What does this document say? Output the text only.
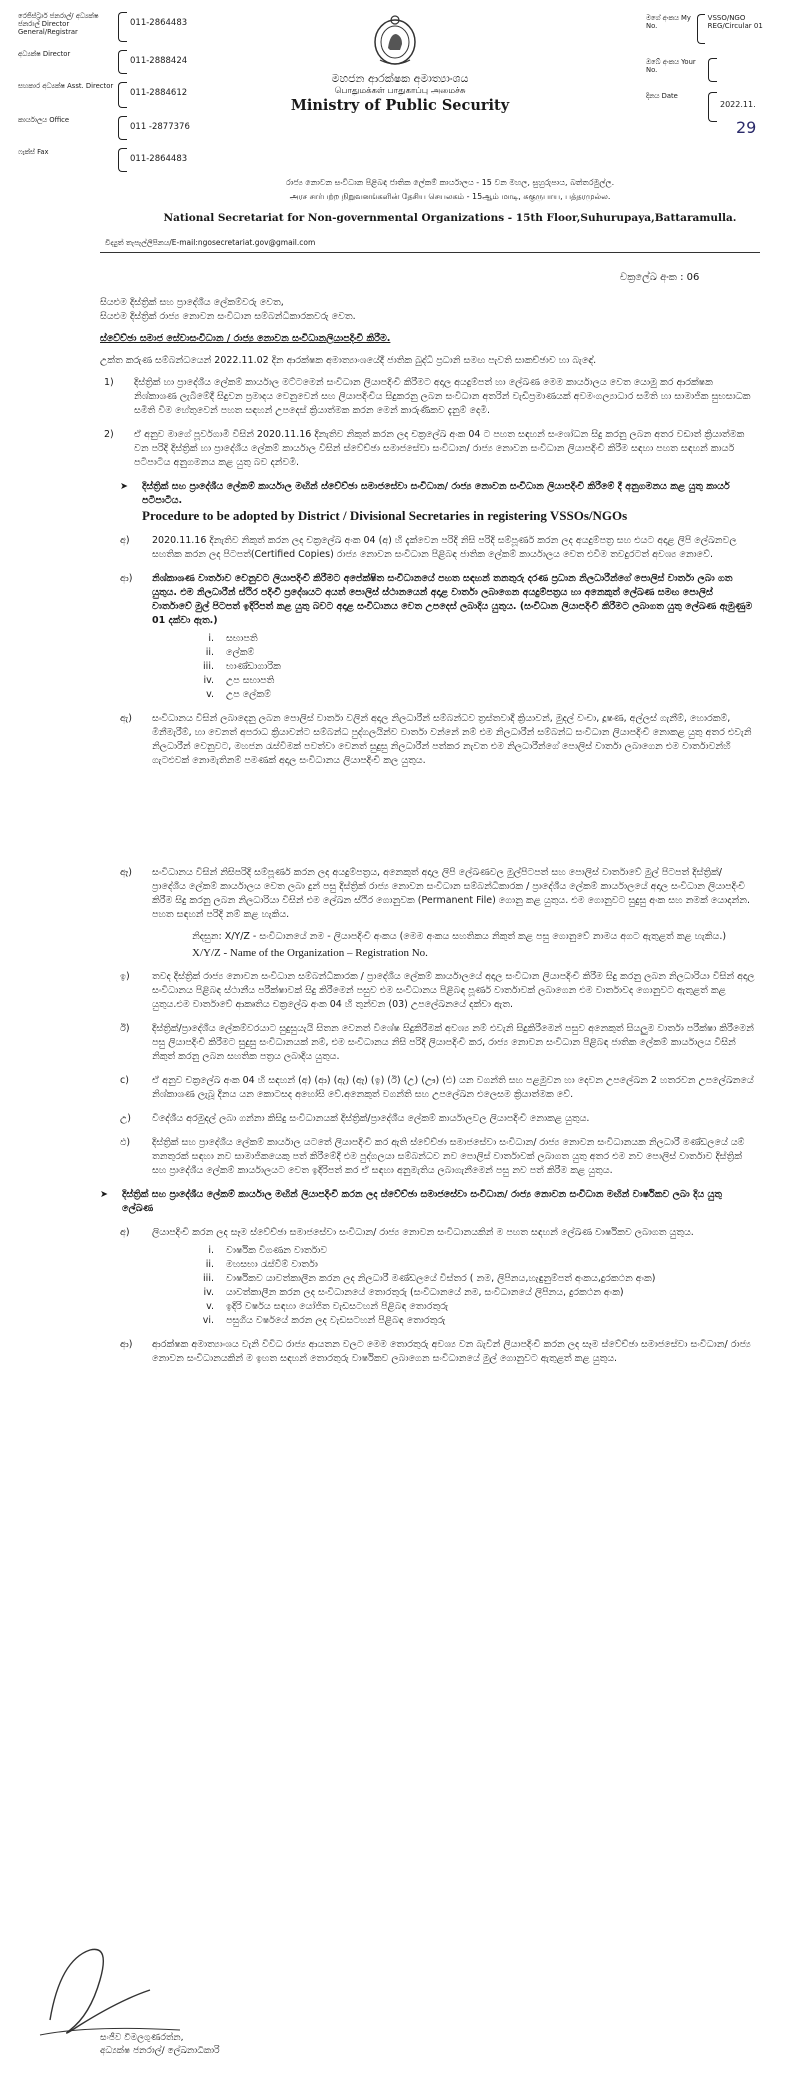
රෙජිස්ට්‍රාර් ජනරාල්/ අධ්‍යක්ෂ ජනරාල් Director General/Registrar
011-2864483
අධ්‍යක්ෂ Director
011-2888424
සහකාර අධ්‍යක්ෂ Asst. Director
011-2884612
කාර්යාලය Office
011 -2877376
ෆැක්ස් Fax
011-2864483
මහජන ආරක්ෂක අමාත්‍යාංශය
பொதுமக்கள் பாதுகாப்பு அமைச்சு
Ministry of Public Security
මගේ අංකය My No.
VSSO/NGO REG/Circular 01
ඔබේ අංකය Your No.
දිනය Date
2022.11.
29
රාජ්‍ය නොවන සංවිධාන පිළිබඳ ජාතික ලේකම් කාර්යාලය - 15 වන මහල, සුහුරුපාය, බත්තරමුල්ල.
அரச சார்பற்ற நிறுவனங்களின் தேசிய செயலகம் - 15ஆம் மாடி, சுகுருபாய, பத்தரமுல்ல.
National Secretariat for Non-governmental Organizations - 15th Floor,Suhurupaya,Battaramulla.
විද්‍යුත් තැපැල්ලිපිනය/E-mail:ngosecretariat.gov@gmail.com
චක්‍රලේඛ අංක : 06
සියළුම දිස්ත්‍රික් සහ ප්‍රාදේශීය ලේකම්වරු වෙත,
සියළුම දිස්ත්‍රික් රාජ්‍ය නොවන සංවිධාන සම්බන්ධීකාරකවරු වෙත.
ස්වේච්ඡා සමාජ සේවාසංවිධාන / රාජ්‍ය නොවන සංවිධානලියාපදිංචි කිරීම.
උක්ත කරුණ සම්බන්ධයෙන් 2022.11.02 දින ආරක්ෂක අමාත්‍යාංශයේදී ජාතික බුද්ධි ප්‍රධානි සමඟ පැවති සාකච්ඡාව හා බැඳේ.
1)	දිස්ත්‍රික් හා ප්‍රාදේශීය ලේකම් කාර්යාල මට්ටමෙන් සංවිධාන ලියාපදිංචි කිරීමට අදාල අයදුම්පත් හා ලේඛණ මෙම කාර්යාලය වෙත යොමු කර ආරක්ෂක නිශ්කාශණ ලැබීමේදී සිදුවන ප්‍රමාදය වෙනුවෙන් සහ ලියාපදිංචිය සිදුකරනු ලබන සංවිධාන අතරින් වැඩිප්‍රමාණයක් අවමංගල්‍යාධාර සමිති හා සාමාජික සුභසාධක සමිති වීම හේතුවෙන් පහත සඳහන් උපදෙස් ක්‍රියාත්මක කරන මෙන් කාරුණිකව දැනුම් දෙමි.
2)	ඒ අනුව මාගේ පූර්වගාමී විසින් 2020.11.16 දිනැතිව නිකුත් කරන ලද චක්‍රලේඛ අංක 04 ට පහත සඳහන් සංශෝධන සිදු කරනු ලබන අතර වඩාත් ක්‍රියාත්මක වන පරිදි දිස්ත්‍රික් හා ප්‍රාදේශීය ලේකම් කාර්යාල විසින් ස්වේච්ඡා සමාජසේවා සංවිධාන/ රාජ්‍ය නොවන සංවිධාන ලියාපදිංචි කිරීම සඳහා පහත සඳහන් කාර්ය පටිපාටිය අනුගමනය කළ යුතු බව දන්වමි.
➤	දිස්ත්‍රික් සහ ප්‍රාදේශීය ලේකම් කාර්යාල මඟින් ස්වේච්ඡා සමාජසේවා සංවිධාන/ රාජ්‍ය නොවන සංවිධාන ලියාපදිංචි කිරීමේ දී අනුගමනය කළ යුතු කාර්ය පටිපාටිය.
Procedure to be adopted by District / Divisional Secretaries in registering VSSOs/NGOs
අ)	2020.11.16 දිනැතිව නිකුත් කරන ලද චක්‍රලේඛ අංක 04 (අ) හි දැක්වෙන පරිදි නිසි පරිදි සම්පූර්ණ කරන ලද අයදුම්පත්‍ර සහ එයට අදාළ ලිපි ලේඛනවල සහතික කරන ලද පිටපත්(Certified Copies) රාජ්‍ය නොවන සංවිධාන පිළිබඳ ජාතික ලේකම් කාර්යාලය වෙත එවීම තවදුරටත් අවශ්‍ය නොවේ.
ආ)	නිශ්කාශණ වාර්තාව වෙනුවට ලියාපදිංචි කිරීමට අපේක්ෂිත සංවිධානයේ පහත සඳහන් තනතුරු දරණ ප්‍රධාන නිලධාරීන්ගේ පොලිස් වාර්තා ලබා ගත යුතුය. එම නිලධාරීන් ස්ථිර පදිංචි ප්‍රදේශයට අයත් පොලිස් ස්ථානයෙන් අදාළ වාර්තා ලබාගෙන අයදුම්පත්‍රය හා අනෙකුත් ලේඛණ සමඟ පොලිස් වාර්තාවේ මුල් පිටපත් ඉදිරිපත් කළ යුතු බවට අදාළ සංවිධානය වෙත උපදෙස් ලබාදිය යුතුය. (සංවිධාන ලියාපදිංචි කිරීමට ලබාගත යුතු ලේඛණ ඇමුණුම 01 දක්වා ඇත.)
i. සභාපති
ii. ලේකම්
iii. භාණ්ඩාගාරික
iv. උප සභාපති
v. උප ලේකම්
ඇ)	සංවිධානය විසින් ලබාදෙනු ලබන පොලිස් වාර්තා වලින් අදාල නිලධාරීන් සම්බන්ධව ත්‍රස්තවාදී ක්‍රියාවන්, මුදල් වංචා, දූෂණ, අල්ලස් ගැනීම්, හොරකම්, මිනීමැරීම්, හා වෙනත් අපරාධ ක්‍රියාවන්ට සම්බන්ධ පුද්ගලයින්ව වාර්තා වන්නේ නම් එම නිලධාරීන් සම්බන්ධ සංවිධාන ලියාපදිංචි නොකළ යුතු අතර එවැනි නිලධාරීන් වෙනුවට, මහජන රැස්වීමක් පවත්වා වෙනත් සුදුසු නිලධාරීන් පත්කර නැවත එම නිලධාරීන්ගේ පොලිස් වාර්තා ලබාගෙන එම වාර්තාවන්හි ගැටළුවක් නොමැතිනම් පමණක් අදාල සංවිධානය ලියාපදිංචි කල යුතුය.
ඈ)	සංවිධානය විසින් නිසිපරිදි සම්පූර්ණ කරන ලද අයදුම්පත්‍රය, අනෙකුත් අදාල ලිපි ලේඛණවල මුල්පිටපත් සහ පොලිස් වාර්තාවේ මුල් පිටපත් දිස්ත්‍රික්/ප්‍රාදේශීය ලේකම් කාර්යාලය වෙත ලබා දුන් පසු දිස්ත්‍රික් රාජ්‍ය නොවන සංවිධාන සම්බන්ධීකාරක / ප්‍රාදේශීය ලේකම් කාර්යාලයේ අදාල සංවිධාන ලියාපදිංචි කිරීම සිදු කරනු ලබන නිලධාරියා විසින් එම ලේඛන ස්ථිර ගොනුවක (Permanent File) ගොනු කළ යුතුය. එම ගොනුවට සුදුසු අංක සහ නමක් යොදන්න. පහත සඳහන් පරිදි නම් කළ හැකිය.
නිදසුන: X/Y/Z - සංවිධානයේ නම - ලියාපදිංචි අංකය (මෙම අංකය සහතිකය නිකුත් කළ පසු ගොනුවේ නාමය අගට ඇතුළත් කළ හැකිය.)
X/Y/Z - Name of the Organization – Registration No.
ඉ)	තවද දිස්ත්‍රික් රාජ්‍ය නොවන සංවිධාන සම්බන්ධීකාරක / ප්‍රාදේශීය ලේකම් කාර්යාලයේ අදාල සංවිධාන ලියාපදිංචි කිරීම සිදු කරනු ලබන නිලධාරියා විසින් අදාල සංවිධානය පිළිබඳ ස්ථානීය පරීක්ෂාවක් සිදු කිරීමෙන් පසුව එම සංවිධානය පිළිබඳ පූර්ණ වාර්තාවක් ලබාගෙන එම වාර්තාවද ගොනුවට ඇතුළත් කළ යුතුය.එම වාර්තාවේ ආකෘතිය චක්‍රලේඛ අංක 04 හි තුන්වන (03) උපලේඛනයේ දක්වා ඇත.
ඊ)	දිස්ත්‍රික්/ප්‍රාදේශීය ලේකම්වරයාට සුදුසුයැයි සිතන වෙනත් විශේෂ සිදුකිරීමක් අවශ්‍ය නම් එවැනි සිදුකිරීමෙන් පසුව අනෙකුත් සියලුම වාර්තා පරීක්ෂා කිරීමෙන් පසු ලියාපදිංචි කිරීමට සුදුසු සංවිධානයක් නම්, එම සංවිධානය නිසි පරිදි ලියාපදිංචි කර, රාජ්‍ය නොවන සංවිධාන පිළිබඳ ජාතික ලේකම් කාර්යාලය විසින් නිකුත් කරනු ලබන සහතික පත්‍රය ලබාදිය යුතුය.
c)	ඒ අනුව චක්‍රලේඛ අංක 04 හි සඳහන් (අ) (ආ) (ඇ) (ඈ) (ඉ) (ඊ) (උ) (ඌ) (එ) යන වගන්ති සහ පළමුවන හා දෙවන උපලේඛන 2 හතරවන උපලේඛනයේ නිශ්කාශණ ලැබූ දිනය යන කොටසද අහෝසි වේ.අනෙකුත් වගන්ති සහ උපලේඛන එලෙසම ක්‍රියාත්මක වේ.
උ)	විදේශීය අරමුදල් ලබා ගන්නා කිසිදු සංවිධානයක් දිස්ත්‍රික්/ප්‍රාදේශීය ලේකම් කාර්යාලවල ලියාපදිංචි නොකළ යුතුය.
ඵ)	දිස්ත්‍රික් සහ ප්‍රාදේශීය ලේකම් කාර්යාල යටතේ ලියාපදිංචි කර ඇති ස්වේච්ඡා සමාජසේවා සංවිධාන/ රාජ්‍ය නොවන සංවිධානයක නිලධාරී මණ්ඩලයේ යම් තනතුරක් සඳහා නව සාමාජිකයෙකු පත් කිරීමේදී එම පුද්ගලයා සම්බන්ධව නව පොලිස් වාර්තාවක් ලබාගත යුතු අතර එම නව පොලිස් වාර්තාව දිස්ත්‍රික් සහ ප්‍රාදේශීය ලේකම් කාර්යාලයට වෙත ඉදිරිපත් කර ඒ සඳහා අනුමැතිය ලබාගැනීමෙන් පසු නව පත් කිරීම කළ යුතුය.
➤	දිස්ත්‍රික් සහ ප්‍රාදේශීය ලේකම් කාර්යාල මඟින් ලියාපදිංචි කරන ලද ස්වේච්ඡා සමාජසේවා සංවිධාන/ රාජ්‍ය නොවන සංවිධාන මඟින් වාර්ෂිකව ලබා දිය යුතු ලේඛණ
අ)	ලියාපදිංචි කරන ලද සෑම ස්වේච්ඡා සමාජසේවා සංවිධාන/ රාජ්‍ය නොවන සංවිධානයකින් ම පහත සඳහන් ලේඛණ වාර්ෂිකව ලබාගත යුතුය.
i. වාර්ෂික විගණන වාර්තාව
ii. මහසභා රැස්වීම් වාර්තා
iii. වාර්ෂිකව යාවත්කාලීන කරන ලද නිලධාරී මණ්ඩලයේ විස්තර ( නම, ලිපිනය,හැඳුනුම්පත් අංකය,දුරකථන අංක)
iv. යාවත්කාලීන කරන ලද සංවිධානයේ තොරතුරු (සංවිධානයේ නම, සංවිධානයේ ලිපිනය, දුරකථන අංක)
v. ඉදිරි වර්ෂය සඳහා යෝජිත වැඩසටහන් පිළිබඳ තොරතුරු
vi. පසුගිය වර්ෂයේ කරන ලද වැඩසටහන් පිළිබඳ තොරතුරු
ආ)	ආරක්ෂක අමාත්‍යාංශය වැනි විවිධ රාජ්‍ය ආයතන වලට මෙම තොරතුරු අවශ්‍ය වන බැවින් ලියාපදිංචි කරන ලද සෑම ස්වේච්ඡා සමාජසේවා සංවිධාන/ රාජ්‍ය නොවන සංවිධානයකින් ම ඉහත සඳහන් තොරතුරු වාර්ෂිකව ලබාගෙන සංවිධානයේ මුල් ගොනුවට ඇතුළත් කළ යුතුය.
සංජීව විමලගුණරත්න,
අධ්‍යක්ෂ ජනරාල්/ ලේඛනාධිකාරි
